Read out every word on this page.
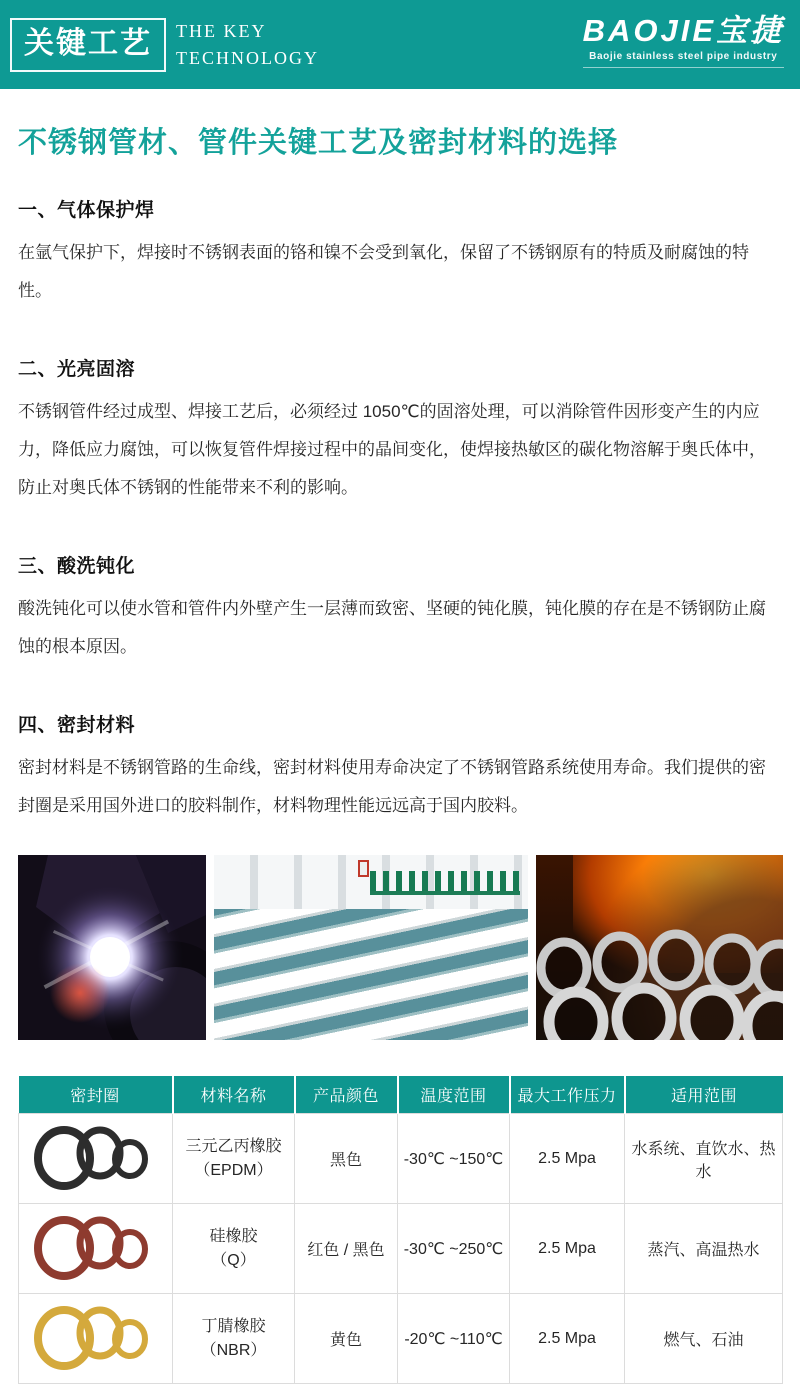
关键工艺	THE KEY
TECHNOLOGY
BAOJIE宝捷
Baojie stainless steel pipe industry
不锈钢管材、管件关键工艺及密封材料的选择
一、气体保护焊

在氩气保护下，焊接时不锈钢表面的铬和镍不会受到氧化，保留了不锈钢原有的特质及耐腐蚀的特性。

二、光亮固溶

不锈钢管件经过成型、焊接工艺后，必须经过 1050℃的固溶处理，可以消除管件因形变产生的内应力，降低应力腐蚀，可以恢复管件焊接过程中的晶间变化，使焊接热敏区的碳化物溶解于奥氏体中，防止对奥氏体不锈钢的性能带来不利的影响。

三、酸洗钝化

酸洗钝化可以使水管和管件内外壁产生一层薄而致密、坚硬的钝化膜，钝化膜的存在是不锈钢防止腐蚀的根本原因。

四、密封材料

密封材料是不锈钢管路的生命线，密封材料使用寿命决定了不锈钢管路系统使用寿命。我们提供的密封圈是采用国外进口的胶料制作，材料物理性能远远高于国内胶料。

密封圈	材料名称	产品颜色	温度范围	最大工作压力	适用范围

三元乙丙橡胶
（EPDM）	黑色	-30℃ ~150℃	2.5 Mpa	水系统、直饮水、热水

硅橡胶
（Q）	红色 / 黑色	-30℃ ~250℃	2.5 Mpa	蒸汽、高温热水

丁腈橡胶
（NBR）	黄色	-20℃ ~110℃	2.5 Mpa	燃气、石油
